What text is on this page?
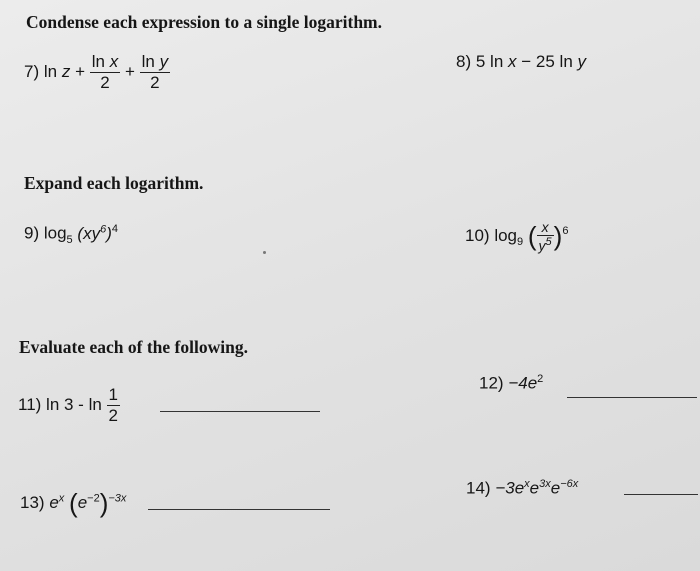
Condense each expression to a single logarithm.
Expand each logarithm.
Evaluate each of the following.
7) $\ln z + \frac{\text{ln x}}{2} + \frac{\text{ln y}}{2}$	8) 5 ln x − 25 ln y
9) $\log_5 (xy^6)^4$	10) $\log_9$ ( $\frac{x}{y^5} )^6$
11) $\ln 3 - \ln \frac{1}{2}$
$12) -4e^2$
13) $e^x$ $(e^{-2})^{-3x}$
$14) -3e^xe^{3x}e^{-6x}$
